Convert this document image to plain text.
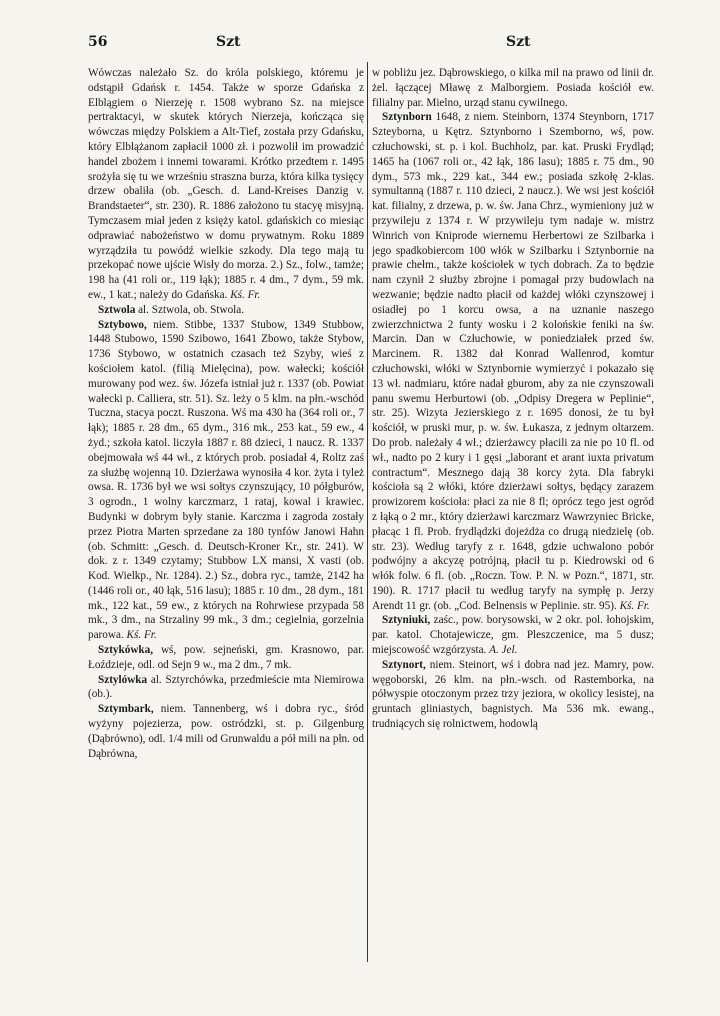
56	Szt	Szt

Wówczas należało Sz. do króla polskiego, któremu je odstąpił Gdańsk r. 1454. Także w sporze Gdańska z Elblągiem o Nierzeję r. 1508 wybrano Sz. na miejsce pertraktacyi, w skutek których Nierzeja, kończąca się wówczas między Polskiem a Alt-Tief, została przy Gdańsku, który Elblążanom zapłacił 1000 zł. i pozwolił im prowadzić handel zbożem i innemi towarami. Krótko przedtem r. 1495 srożyła się tu we wrześniu straszna burza, która kilka tysięcy drzew obaliła (ob. „Gesch. d. Land-Kreises Danzig v. Brandstaeter“, str. 230). R. 1886 założono tu stacyę misyjną. Tymczasem miał jeden z księży katol. gdańskich co miesiąc odprawiać nabożeństwo w domu prywatnym. Roku 1889 wyrządziła tu powódź wielkie szkody. Dla tego mają tu przekopać nowe ujście Wisły do morza. 2.) Sz., folw., tamże; 198 ha (41 roli or., 119 łąk); 1885 r. 4 dm., 7 dym., 59 mk. ew., 1 kat.; należy do Gdańska. Kś. Fr.

Sztwola al. Sztwola, ob. Stwola.

Sztybowo, niem. Stibbe, 1337 Stubow, 1349 Stubbow, 1448 Stubowo, 1590 Szibowo, 1641 Zbowo, także Stybow, 1736 Stybowo, w ostatnich czasach też Szyby, wieś z kościołem katol. (filią Mielęcina), pow. wałecki; kościół murowany pod wez. św. Józefa istniał już r. 1337 (ob. Powiat wałecki p. Calliera, str. 51). Sz. leży o 5 klm. na płn.-wschód Tuczna, stacya poczt. Ruszona. Wś ma 430 ha (364 roli or., 7 łąk); 1885 r. 28 dm., 65 dym., 316 mk., 253 kat., 59 ew., 4 żyd.; szkoła katol. liczyła 1887 r. 88 dzieci, 1 naucz. R. 1337 obejmowała wś 44 wł., z których prob. posiadał 4, Roltz zaś za służbę wojenną 10. Dzierżawa wynosiła 4 kor. żyta i tyleż owsa. R. 1736 był we wsi sołtys czynszujący, 10 półgburów, 3 ogrodn., 1 wolny karczmarz, 1 rataj, kowal i krawiec. Budynki w dobrym były stanie. Karczma i zagroda zostały przez Piotra Marten sprzedane za 180 tynfów Janowi Hahn (ob. Schmitt: „Gesch. d. Deutsch-Kroner Kr., str. 241). W dok. z r. 1349 czytamy; Stubbow LX mansi, X vasti (ob. Kod. Wielkp., Nr. 1284). 2.) Sz., dobra ryc., tamże, 2142 ha (1446 roli or., 40 łąk, 516 lasu); 1885 r. 10 dm., 28 dym., 181 mk., 122 kat., 59 ew., z których na Rohrwiese przypada 58 mk., 3 dm., na Strzaliny 99 mk., 3 dm.; cegielnia, gorzelnia parowa. Kś. Fr.

Sztykówka, wś, pow. sejneński, gm. Krasnowo, par. Łoździeje, odl. od Sejn 9 w., ma 2 dm., 7 mk.

Sztylówka al. Sztyrchówka, przedmieście mta Niemirowa (ob.).

Sztymbark, niem. Tannenberg, wś i dobra ryc., śród wyżyny pojezierza, pow. ostródzki, st. p. Gilgenburg (Dąbrówno), odl. 1/4 mili od Grunwaldu a pół mili na płn. od Dąbrówna,

w pobliżu jez. Dąbrowskiego, o kilka mil na prawo od linii dr. żel. łączącej Mławę z Malborgiem. Posiada kościół ew. filialny par. Mielno, urząd stanu cywilnego.

Sztynborn 1648, z niem. Steinborn, 1374 Steynborn, 1717 Szteyborna, u Kętrz. Sztynborno i Szemborno, wś, pow. człuchowski, st. p. i kol. Buchholz, par. kat. Pruski Frydląd; 1465 ha (1067 roli or., 42 łąk, 186 lasu); 1885 r. 75 dm., 90 dym., 573 mk., 229 kat., 344 ew.; posiada szkołę 2-klas. symultanną (1887 r. 110 dzieci, 2 naucz.). We wsi jest kościół kat. filialny, z drzewa, p. w. św. Jana Chrz., wymieniony już w przywileju z 1374 r. W przywileju tym nadaje w. mistrz Winrich von Kniprode wiernemu Herbertowi ze Szilbarka i jego spadkobiercom 100 włók w Szilbarku i Sztynbornie na prawie chełm., także kościołek w tych dobrach. Za to będzie nam czynił 2 służby zbrojne i pomagał przy budowlach na wezwanie; będzie nadto płacił od każdej włóki czynszowej i osiadłej po 1 korcu owsa, a na uznanie naszego zwierzchnictwa 2 funty wosku i 2 kolońskie feniki na św. Marcin. Dan w Człuchowie, w poniedziałek przed św. Marcinem. R. 1382 dał Konrad Wallenrod, komtur człuchowski, włóki w Sztynbornie wymierzyć i pokazało się 13 wł. nadmiaru, które nadał gburom, aby za nie czynszowali panu swemu Herburtowi (ob. „Odpisy Dregera w Peplinie“, str. 25). Wizyta Jezierskiego z r. 1695 donosi, że tu był kościół, w pruski mur, p. w. św. Łukasza, z jednym oltarzem. Do prob. należały 4 wł.; dzierżawcy płacili za nie po 10 fl. od wł., nadto po 2 kury i 1 gęsi „laborant et arant iuxta privatum contractum“. Mesznego dają 38 korcy żyta. Dla fabryki kościoła są 2 włóki, które dzierżawi sołtys, będący zarazem prowizorem kościoła: płaci za nie 8 fl; oprócz tego jest ogród z łąką o 2 mr., który dzierżawi karczmarz Wawrzyniec Bricke, płacąc 1 fl. Prob. frydlądzki dojeżdża co drugą niedzielę (ob. str. 23). Według taryfy z r. 1648, gdzie uchwalono pobór podwójny a akcyzę potrójną, płacił tu p. Kiedrowski od 6 włók folw. 6 fl. (ob. „Roczn. Tow. P. N. w Pozn.“, 1871, str. 190). R. 1717 płacił tu według taryfy na sympłę p. Jerzy Arendt 11 gr. (ob. „Cod. Belnensis w Peplinie. str. 95). Kś. Fr.

Sztyniuki, zaśc., pow. borysowski, w 2 okr. pol. łohojskim, par. katol. Chotajewicze, gm. Pleszczenice, ma 5 dusz; miejscowość wzgórzysta. A. Jel.

Sztynort, niem. Steinort, wś i dobra nad jez. Mamry, pow. węgoborski, 26 klm. na płn.-wsch. od Rastemborka, na półwyspie otoczonym przez trzy jeziora, w okolicy lesistej, na gruntach gliniastych, bagnistych. Ma 536 mk. ewang., trudniących się rolnictwem, hodowlą
